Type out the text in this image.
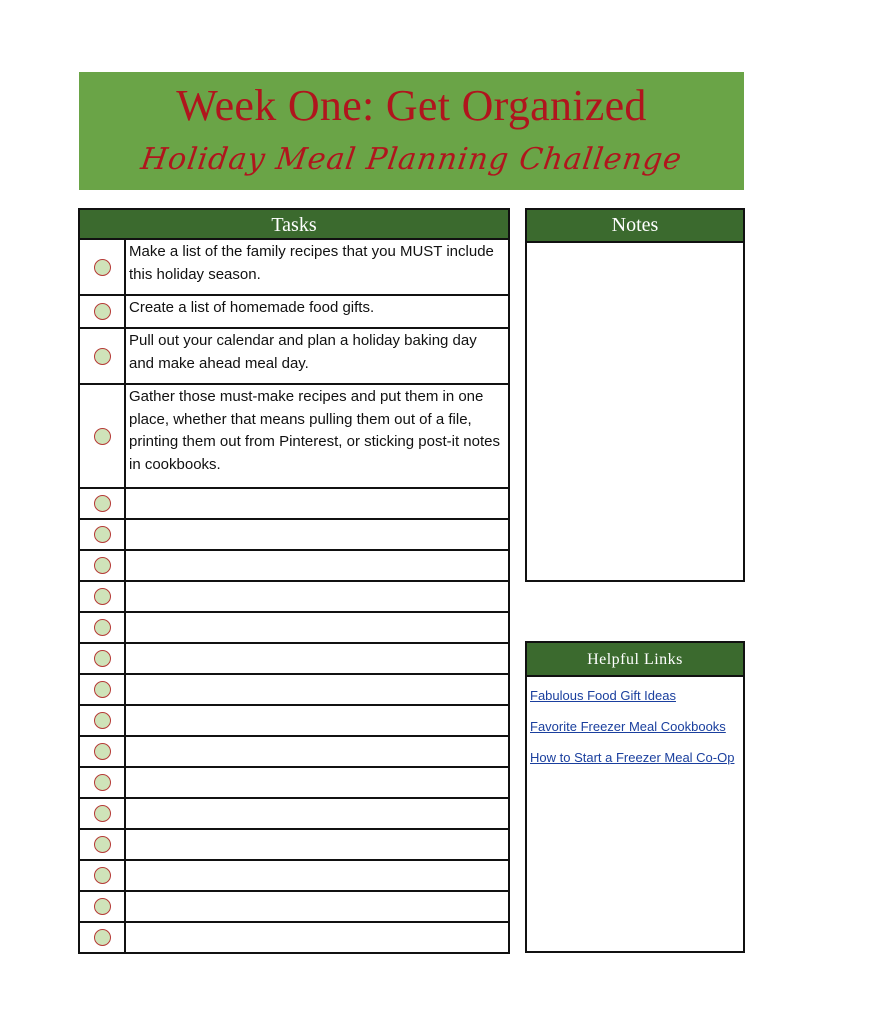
Week One: Get Organized
Holiday Meal Planning Challenge
Tasks
Make a list of the family recipes that you MUST include this holiday season.
Create a list of homemade food gifts.
Pull out your calendar and plan a holiday baking day and make ahead meal day.
Gather those must-make recipes and put them in one place, whether that means pulling them out of a file, printing them out from Pinterest, or sticking post-it notes in cookbooks.
Notes
Helpful Links
Fabulous Food Gift Ideas
Favorite Freezer Meal Cookbooks
How to Start a Freezer Meal Co-Op
